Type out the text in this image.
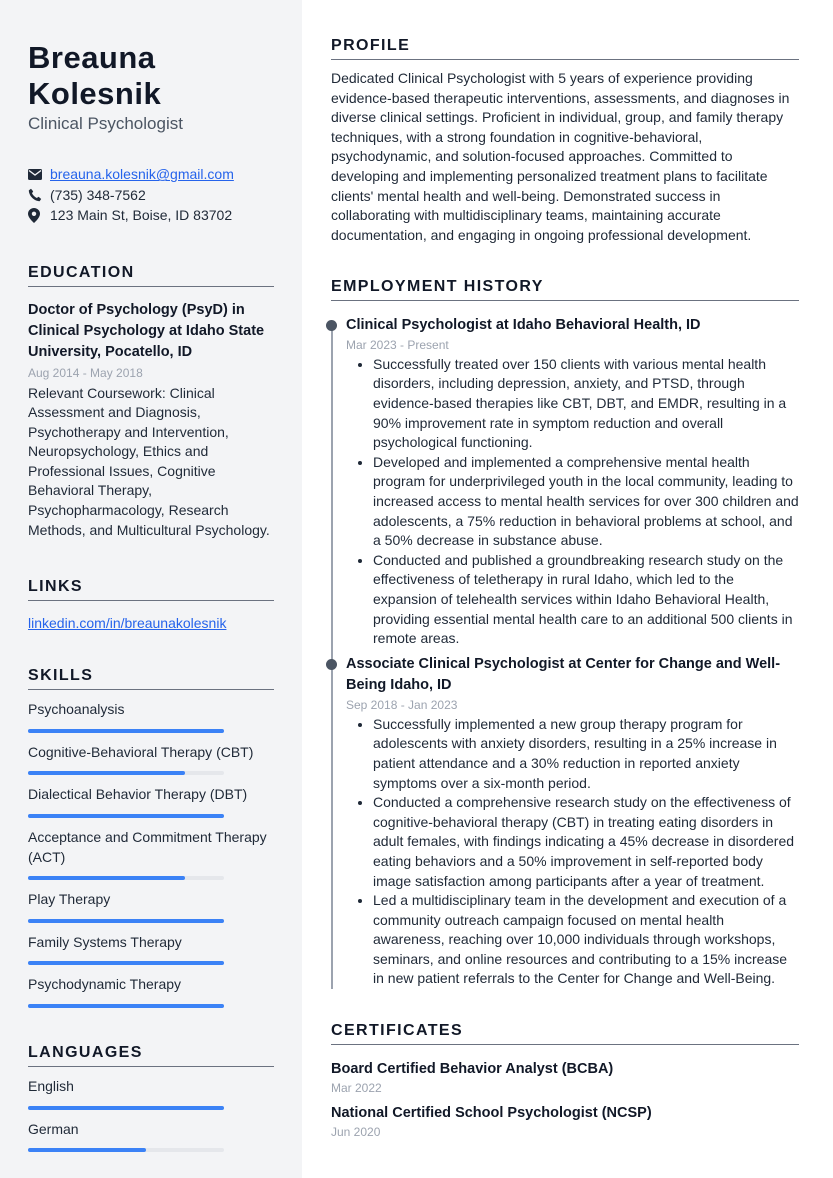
Breauna
Kolesnik
Clinical Psychologist
breauna.kolesnik@gmail.com
(735) 348-7562
123 Main St, Boise, ID 83702
EDUCATION
Doctor of Psychology (PsyD) in Clinical Psychology at Idaho State University, Pocatello, ID
Aug 2014 - May 2018
Relevant Coursework: Clinical Assessment and Diagnosis, Psychotherapy and Intervention, Neuropsychology, Ethics and Professional Issues, Cognitive Behavioral Therapy, Psychopharmacology, Research Methods, and Multicultural Psychology.
LINKS
linkedin.com/in/breaunakolesnik
SKILLS
Psychoanalysis
Cognitive-Behavioral Therapy (CBT)
Dialectical Behavior Therapy (DBT)
Acceptance and Commitment Therapy (ACT)
Play Therapy
Family Systems Therapy
Psychodynamic Therapy
LANGUAGES
English
German
PROFILE
Dedicated Clinical Psychologist with 5 years of experience providing evidence-based therapeutic interventions, assessments, and diagnoses in diverse clinical settings. Proficient in individual, group, and family therapy techniques, with a strong foundation in cognitive-behavioral, psychodynamic, and solution-focused approaches. Committed to developing and implementing personalized treatment plans to facilitate clients' mental health and well-being. Demonstrated success in collaborating with multidisciplinary teams, maintaining accurate documentation, and engaging in ongoing professional development.
EMPLOYMENT HISTORY
Clinical Psychologist at Idaho Behavioral Health, ID
Mar 2023 - Present
• Successfully treated over 150 clients with various mental health disorders, including depression, anxiety, and PTSD, through evidence-based therapies like CBT, DBT, and EMDR, resulting in a 90% improvement rate in symptom reduction and overall psychological functioning.
• Developed and implemented a comprehensive mental health program for underprivileged youth in the local community, leading to increased access to mental health services for over 300 children and adolescents, a 75% reduction in behavioral problems at school, and a 50% decrease in substance abuse.
• Conducted and published a groundbreaking research study on the effectiveness of teletherapy in rural Idaho, which led to the expansion of telehealth services within Idaho Behavioral Health, providing essential mental health care to an additional 500 clients in remote areas.
Associate Clinical Psychologist at Center for Change and Well-Being Idaho, ID
Sep 2018 - Jan 2023
• Successfully implemented a new group therapy program for adolescents with anxiety disorders, resulting in a 25% increase in patient attendance and a 30% reduction in reported anxiety symptoms over a six-month period.
• Conducted a comprehensive research study on the effectiveness of cognitive-behavioral therapy (CBT) in treating eating disorders in adult females, with findings indicating a 45% decrease in disordered eating behaviors and a 50% improvement in self-reported body image satisfaction among participants after a year of treatment.
• Led a multidisciplinary team in the development and execution of a community outreach campaign focused on mental health awareness, reaching over 10,000 individuals through workshops, seminars, and online resources and contributing to a 15% increase in new patient referrals to the Center for Change and Well-Being.
CERTIFICATES
Board Certified Behavior Analyst (BCBA)
Mar 2022
National Certified School Psychologist (NCSP)
Jun 2020
